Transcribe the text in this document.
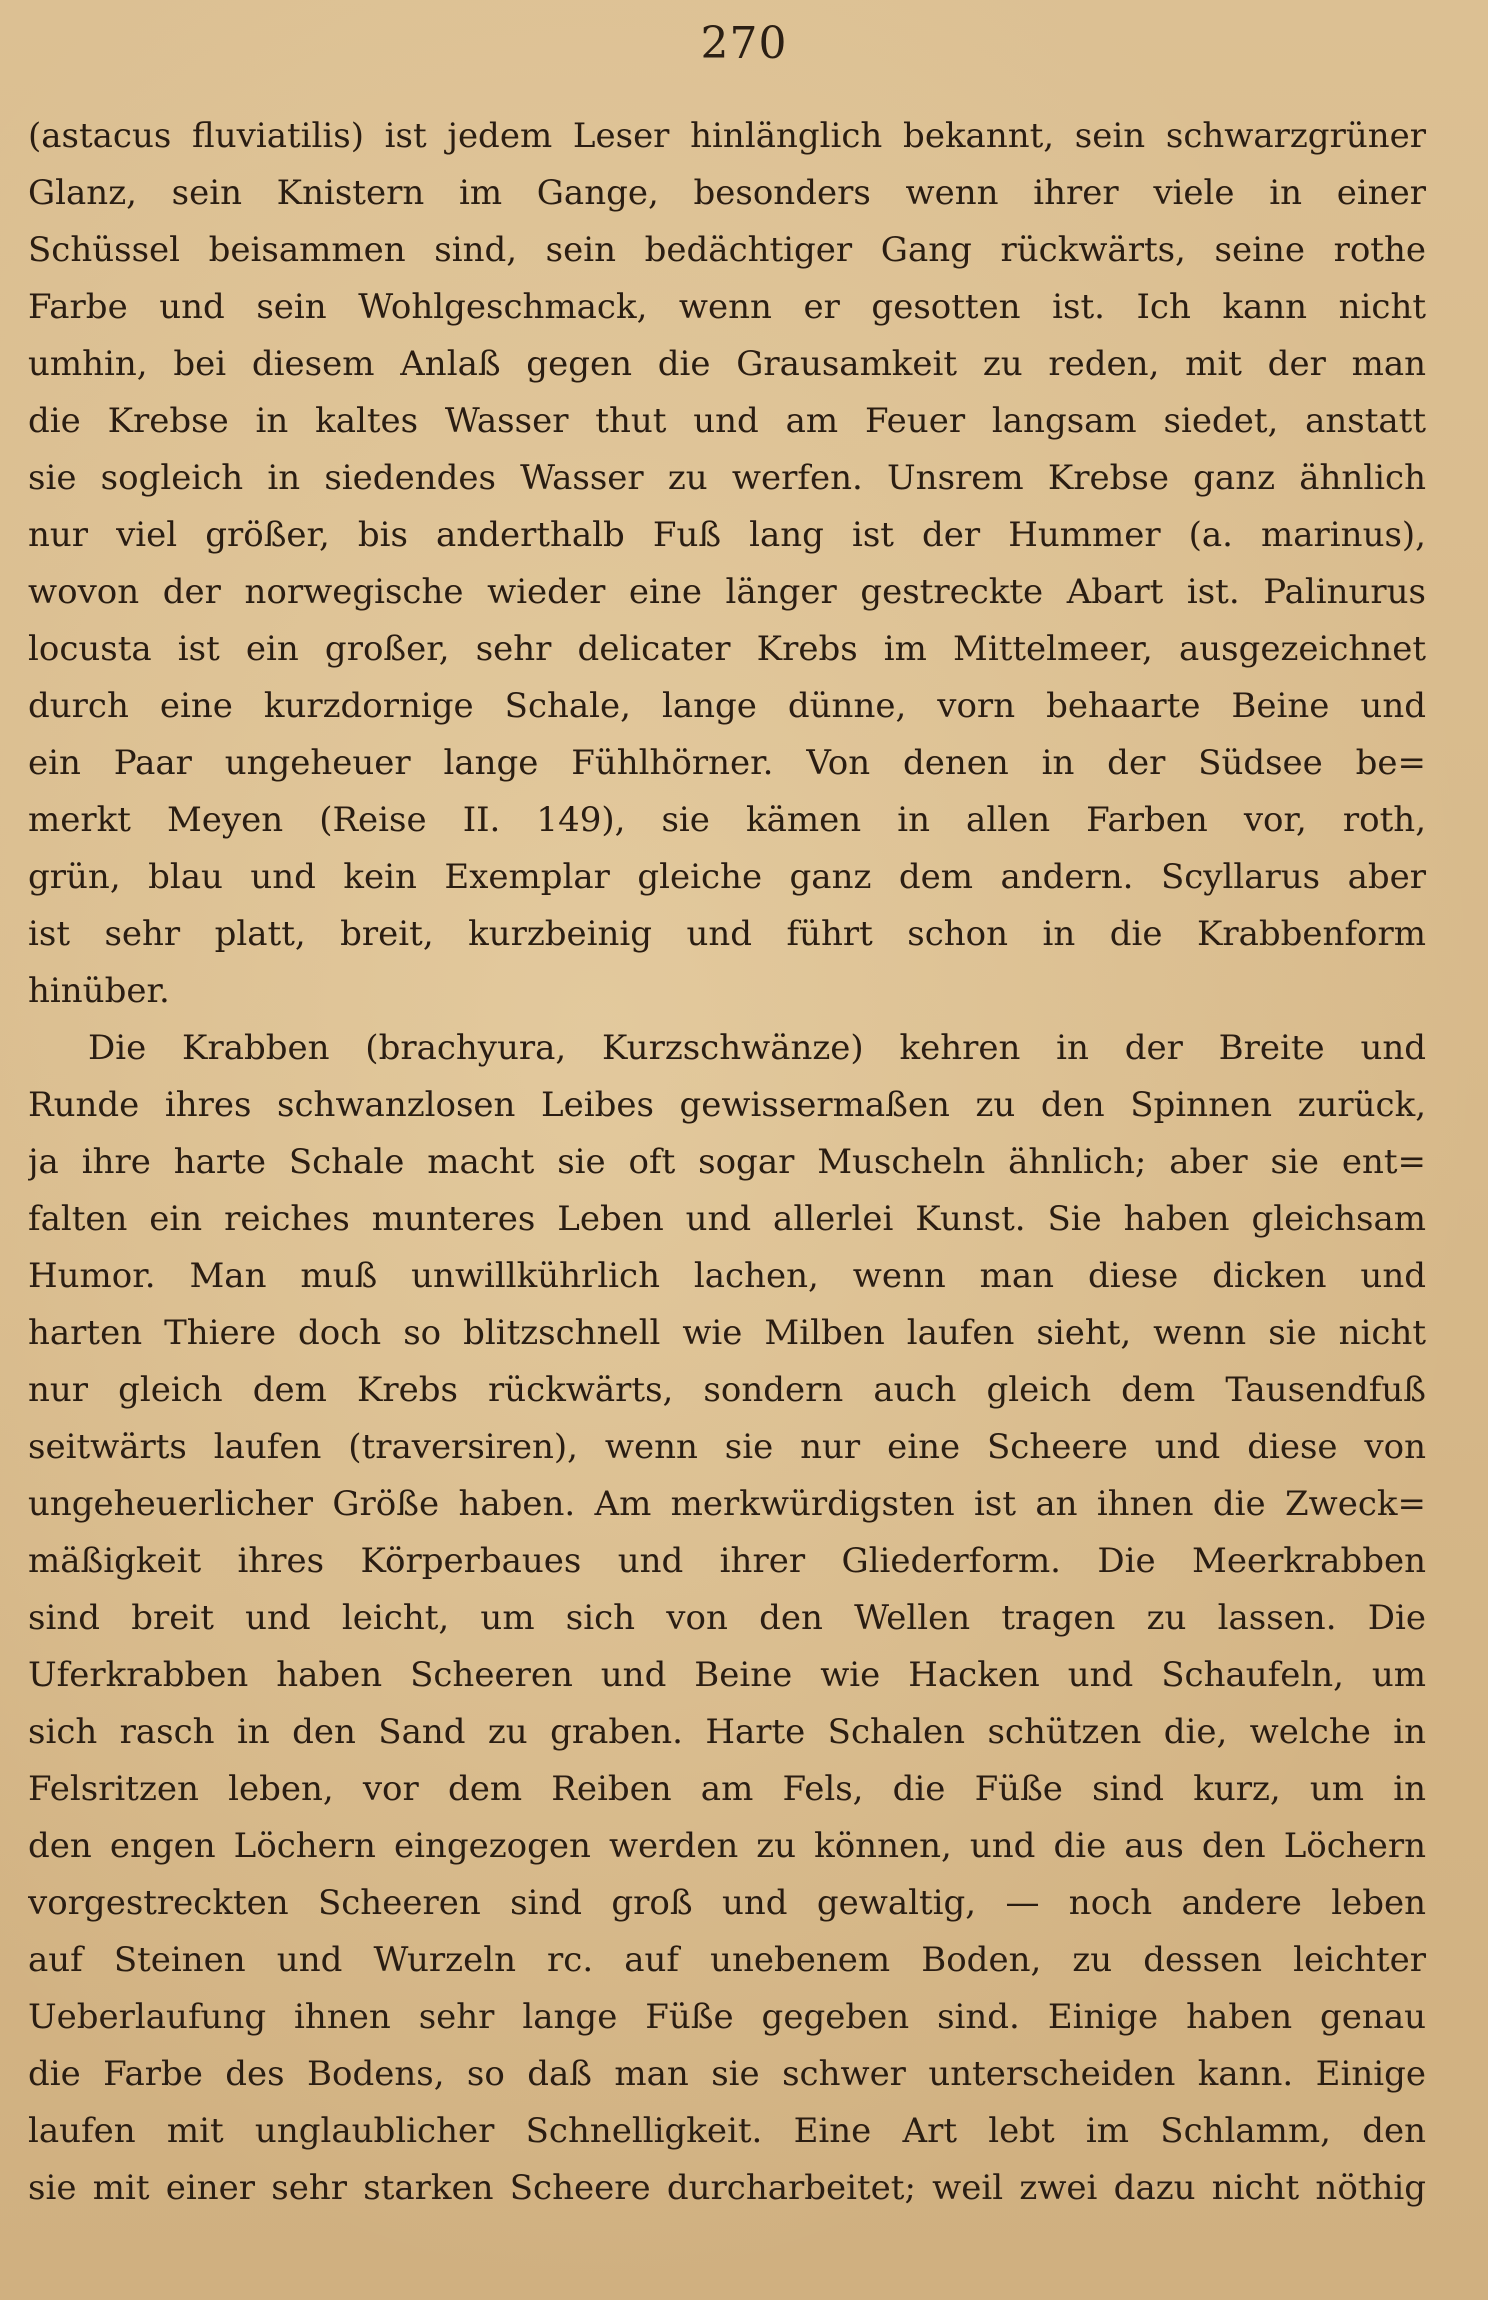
270
(astacus fluviatilis) ist jedem Leser hinlänglich bekannt, sein schwarzgrüner
Glanz, sein Knistern im Gange, besonders wenn ihrer viele in einer
Schüssel beisammen sind, sein bedächtiger Gang rückwärts, seine rothe
Farbe und sein Wohlgeschmack, wenn er gesotten ist. Ich kann nicht
umhin, bei diesem Anlaß gegen die Grausamkeit zu reden, mit der man
die Krebse in kaltes Wasser thut und am Feuer langsam siedet, anstatt
sie sogleich in siedendes Wasser zu werfen. Unsrem Krebse ganz ähnlich
nur viel größer, bis anderthalb Fuß lang ist der Hummer (a. marinus),
wovon der norwegische wieder eine länger gestreckte Abart ist. Palinurus
locusta ist ein großer, sehr delicater Krebs im Mittelmeer, ausgezeichnet
durch eine kurzdornige Schale, lange dünne, vorn behaarte Beine und
ein Paar ungeheuer lange Fühlhörner. Von denen in der Südsee be=
merkt Meyen (Reise II. 149), sie kämen in allen Farben vor, roth,
grün, blau und kein Exemplar gleiche ganz dem andern. Scyllarus aber
ist sehr platt, breit, kurzbeinig und führt schon in die Krabbenform
hinüber.
Die Krabben (brachyura, Kurzschwänze) kehren in der Breite und
Runde ihres schwanzlosen Leibes gewissermaßen zu den Spinnen zurück,
ja ihre harte Schale macht sie oft sogar Muscheln ähnlich; aber sie ent=
falten ein reiches munteres Leben und allerlei Kunst. Sie haben gleichsam
Humor. Man muß unwillkührlich lachen, wenn man diese dicken und
harten Thiere doch so blitzschnell wie Milben laufen sieht, wenn sie nicht
nur gleich dem Krebs rückwärts, sondern auch gleich dem Tausendfuß
seitwärts laufen (traversiren), wenn sie nur eine Scheere und diese von
ungeheuerlicher Größe haben. Am merkwürdigsten ist an ihnen die Zweck=
mäßigkeit ihres Körperbaues und ihrer Gliederform. Die Meerkrabben
sind breit und leicht, um sich von den Wellen tragen zu lassen. Die
Uferkrabben haben Scheeren und Beine wie Hacken und Schaufeln, um
sich rasch in den Sand zu graben. Harte Schalen schützen die, welche in
Felsritzen leben, vor dem Reiben am Fels, die Füße sind kurz, um in
den engen Löchern eingezogen werden zu können, und die aus den Löchern
vorgestreckten Scheeren sind groß und gewaltig, — noch andere leben
auf Steinen und Wurzeln rc. auf unebenem Boden, zu dessen leichter
Ueberlaufung ihnen sehr lange Füße gegeben sind. Einige haben genau
die Farbe des Bodens, so daß man sie schwer unterscheiden kann. Einige
laufen mit unglaublicher Schnelligkeit. Eine Art lebt im Schlamm, den
sie mit einer sehr starken Scheere durcharbeitet; weil zwei dazu nicht nöthig
